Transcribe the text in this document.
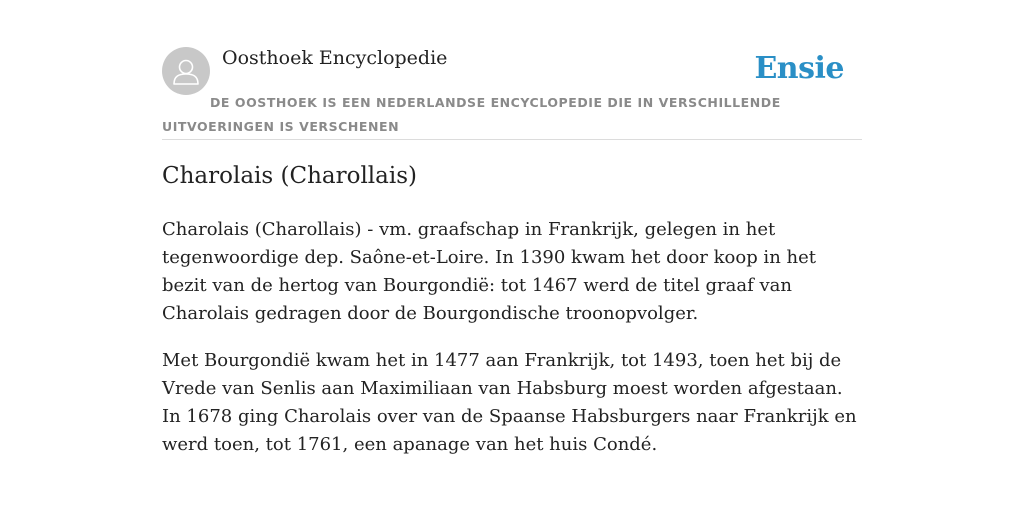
Oosthoek Encyclopedie	Ensie
DE OOSTHOEK IS EEN NEDERLANDSE ENCYCLOPEDIE DIE IN VERSCHILLENDE UITVOERINGEN IS VERSCHENEN
Charolais (Charollais)

Charolais (Charollais) - vm. graafschap in Frankrijk, gelegen in het tegenwoordige dep. Saône-et-Loire. In 1390 kwam het door koop in het bezit van de hertog van Bourgondië: tot 1467 werd de titel graaf van Charolais gedragen door de Bourgondische troonopvolger.

Met Bourgondië kwam het in 1477 aan Frankrijk, tot 1493, toen het bij de Vrede van Senlis aan Maximiliaan van Habsburg moest worden afgestaan. In 1678 ging Charolais over van de Spaanse Habsburgers naar Frankrijk en werd toen, tot 1761, een apanage van het huis Condé.
